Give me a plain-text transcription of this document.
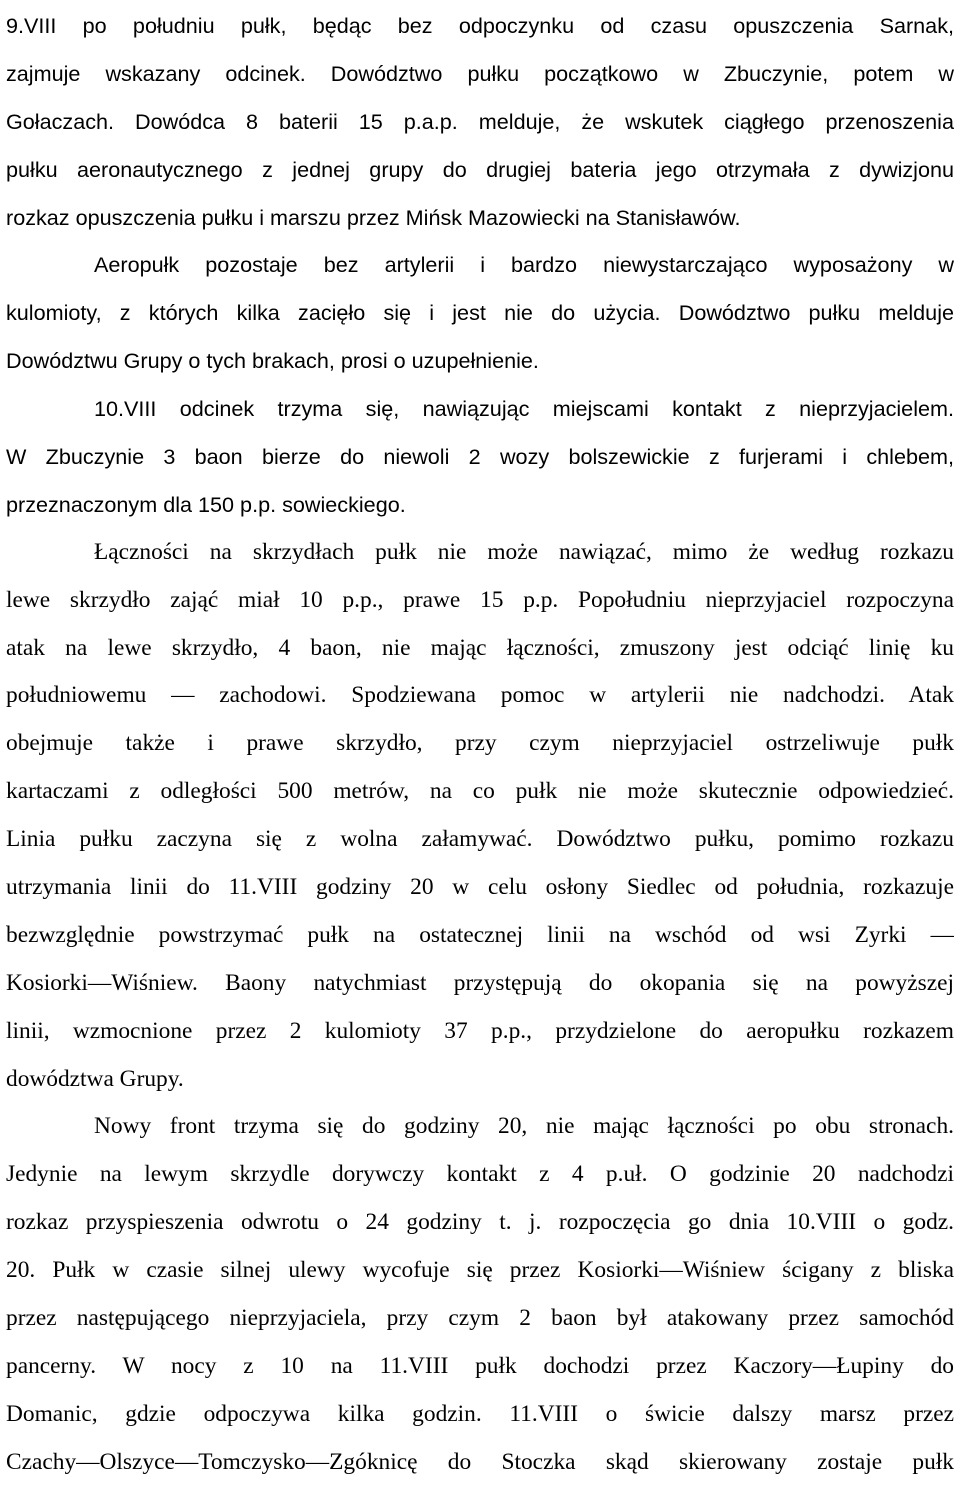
9.VIII po południu pułk, będąc bez odpoczynku od czasu opuszczenia Sarnak,
zajmuje wskazany odcinek. Dowództwo pułku początkowo w Zbuczynie, potem w
Gołaczach. Dowódca 8 baterii 15 p.a.p. melduje, że wskutek ciągłego przenoszenia
pułku aeronautycznego z jednej grupy do drugiej bateria jego otrzymała z dywizjonu
rozkaz opuszczenia pułku i marszu przez Mińsk Mazowiecki na Stanisławów.
Aeropułk pozostaje bez artylerii i bardzo niewystarczająco wyposażony w
kulomioty, z których kilka zacięło się i jest nie do użycia. Dowództwo pułku melduje
Dowództwu Grupy o tych brakach, prosi o uzupełnienie.
10.VIII odcinek trzyma się, nawiązując miejscami kontakt z nieprzyjacielem.
W Zbuczynie 3 baon bierze do niewoli 2 wozy bolszewickie z furjerami i chlebem,
przeznaczonym dla 150 p.p. sowieckiego.
Łączności na skrzydłach pułk nie może nawiązać, mimo że według rozkazu
lewe skrzydło zająć miał 10 p.p., prawe 15 p.p. Popołudniu nieprzyjaciel rozpoczyna
atak na lewe skrzydło, 4 baon, nie mając łączności, zmuszony jest odciąć linię ku
południowemu — zachodowi. Spodziewana pomoc w artylerii nie nadchodzi. Atak
obejmuje także i prawe skrzydło, przy czym nieprzyjaciel ostrzeliwuje pułk
kartaczami z odległości 500 metrów, na co pułk nie może skutecznie odpowiedzieć.
Linia pułku zaczyna się z wolna załamywać. Dowództwo pułku, pomimo rozkazu
utrzymania linii do 11.VIII godziny 20 w celu osłony Siedlec od południa, rozkazuje
bezwzględnie powstrzymać pułk na ostatecznej linii na wschód od wsi Zyrki —
Kosiorki—Wiśniew. Baony natychmiast przystępują do okopania się na powyższej
linii, wzmocnione przez 2 kulomioty 37 p.p., przydzielone do aeropułku rozkazem
dowództwa Grupy.
Nowy front trzyma się do godziny 20, nie mając łączności po obu stronach.
Jedynie na lewym skrzydle dorywczy kontakt z 4 p.uł. O godzinie 20 nadchodzi
rozkaz przyspieszenia odwrotu o 24 godziny t. j. rozpoczęcia go dnia 10.VIII o godz.
20. Pułk w czasie silnej ulewy wycofuje się przez Kosiorki—Wiśniew ścigany z bliska
przez następującego nieprzyjaciela, przy czym 2 baon był atakowany przez samochód
pancerny. W nocy z 10 na 11.VIII pułk dochodzi przez Kaczory—Łupiny do
Domanic, gdzie odpoczywa kilka godzin. 11.VIII o świcie dalszy marsz przez
Czachy—Olszyce—Tomczysko—Zgóknicę do Stoczka skąd skierowany zostaje pułk
